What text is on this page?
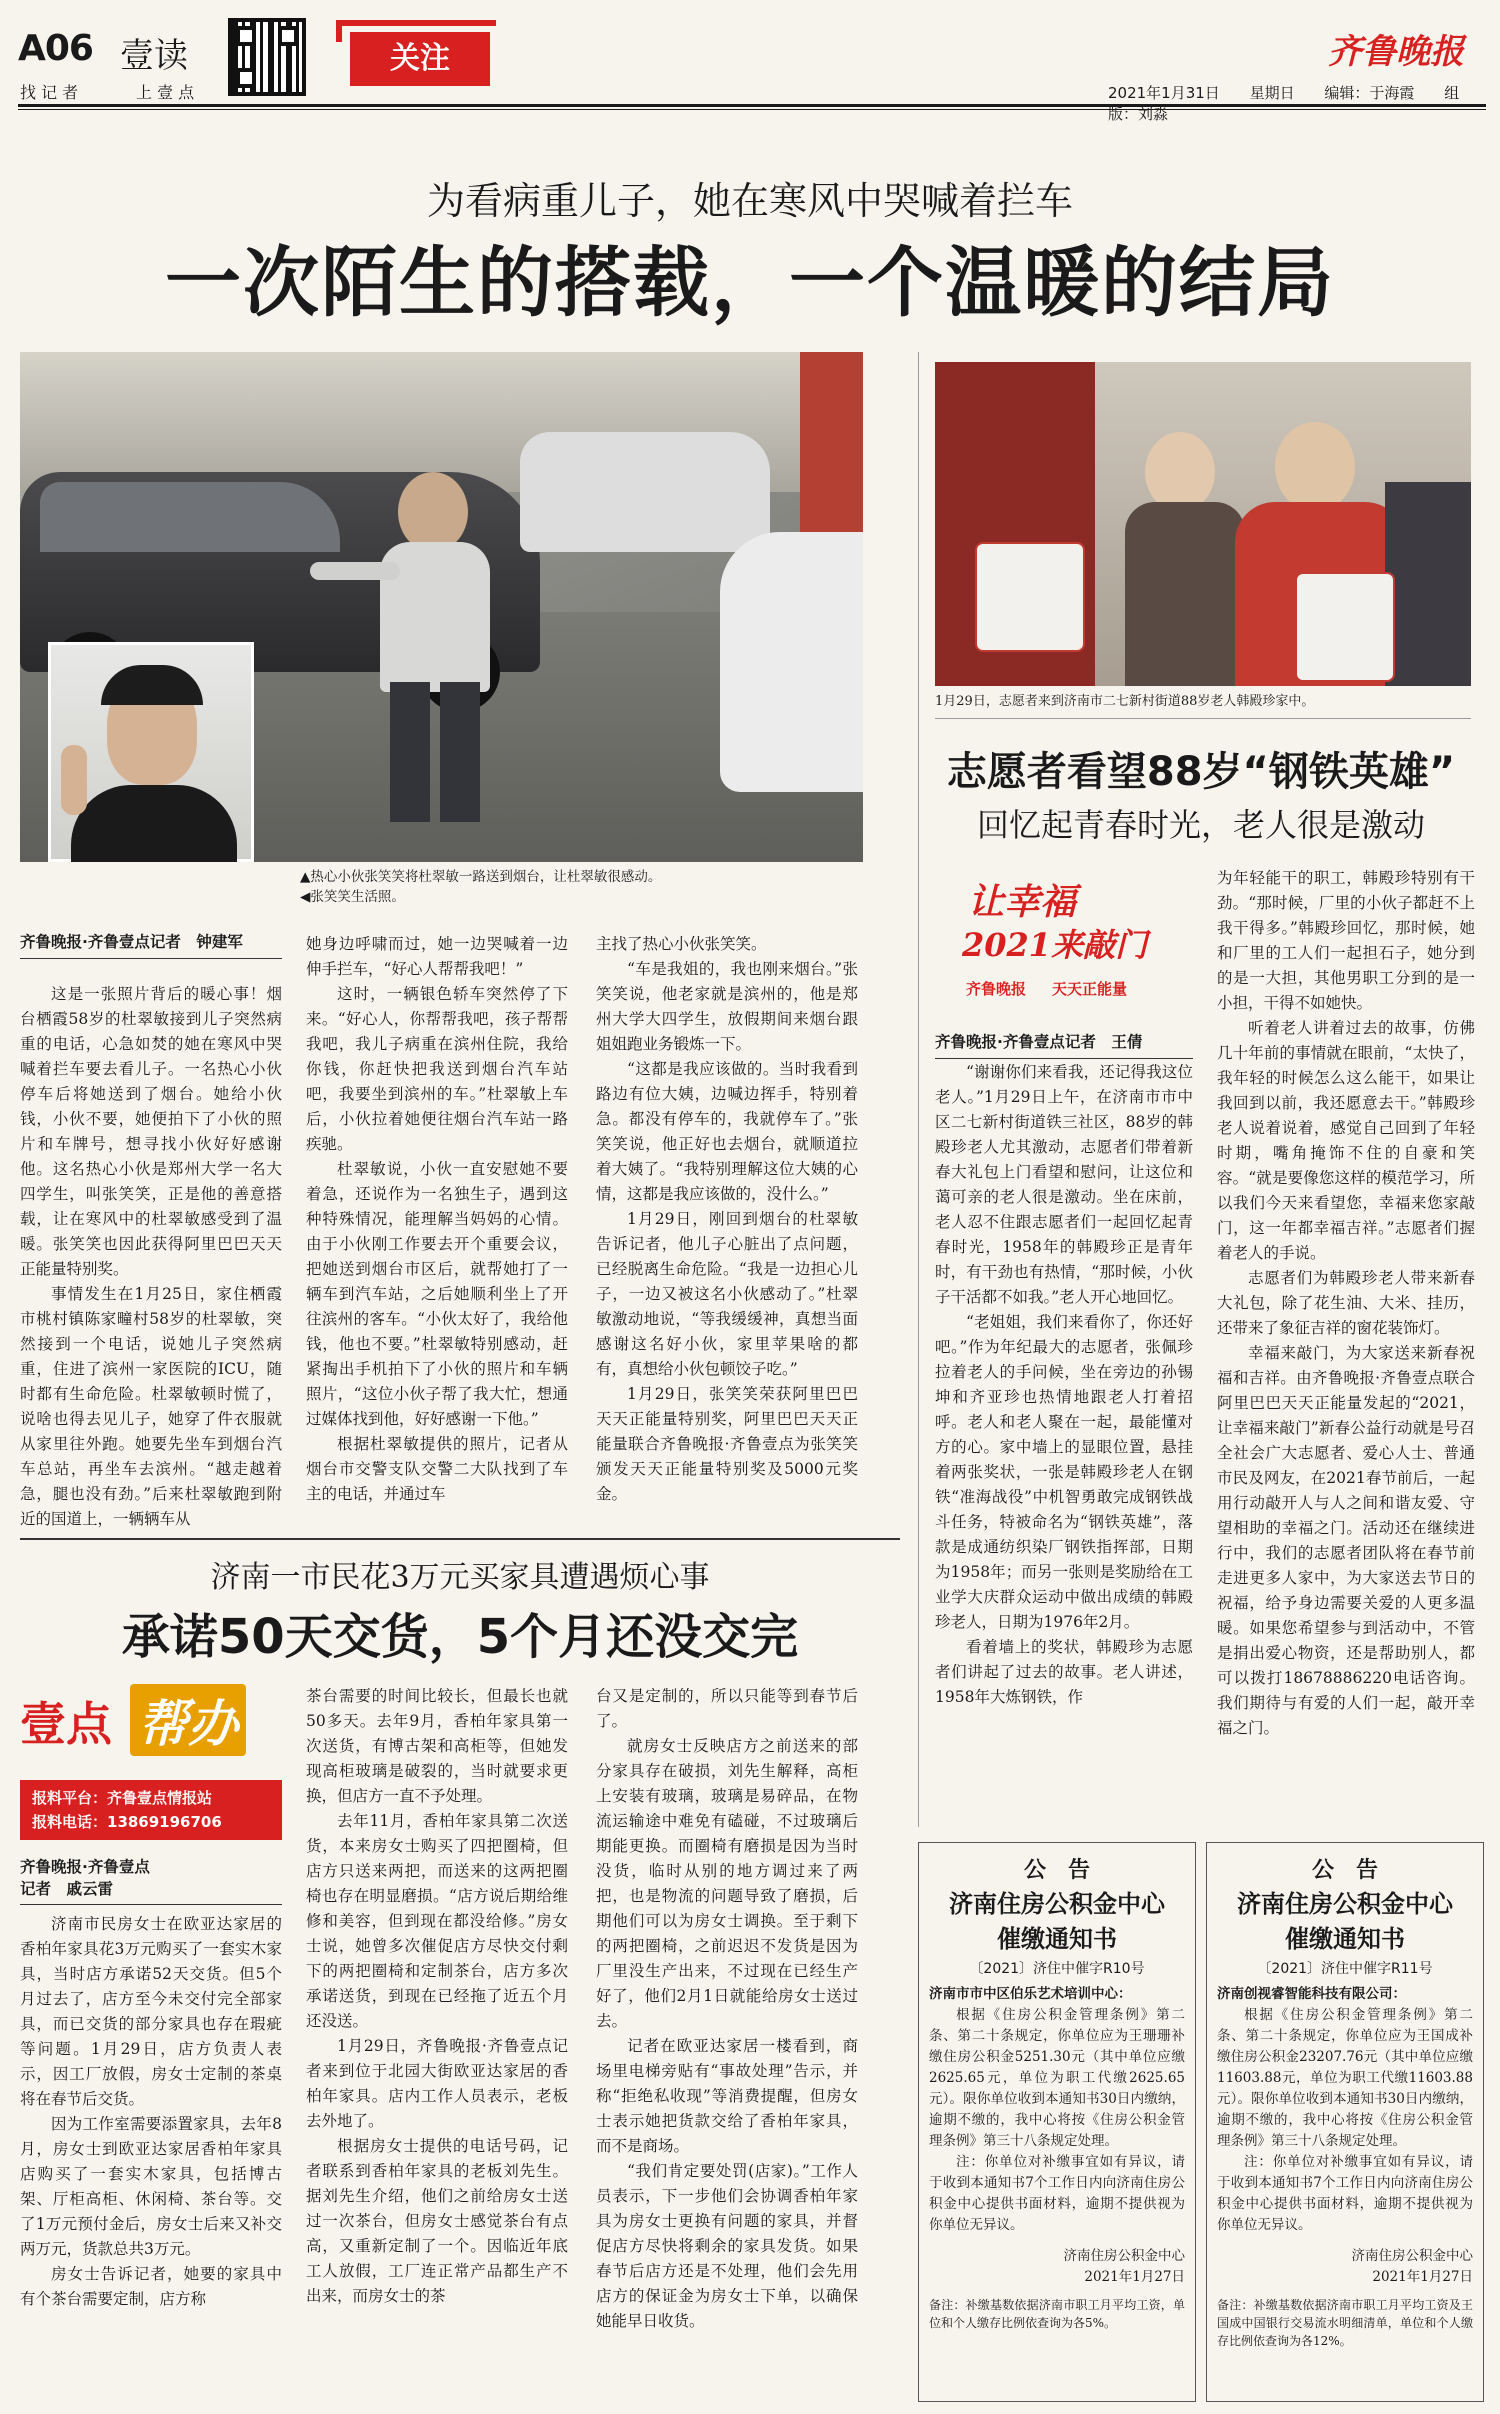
A06 壹读
找 记 者	上 壹 点
关注	齐鲁晚报
2021年1月31日　 星期日　 编辑：于海霞　 组版：刘淼
为看病重儿子，她在寒风中哭喊着拦车
一次陌生的搭载，一个温暖的结局
▲热心小伙张笑笑将杜翠敏一路送到烟台，让杜翠敏很感动。
◀张笑笑生活照。
齐鲁晚报·齐鲁壹点记者　钟建军

这是一张照片背后的暖心事！烟台栖霞58岁的杜翠敏接到儿子突然病重的电话，心急如焚的她在寒风中哭喊着拦车要去看儿子。一名热心小伙停车后将她送到了烟台。她给小伙钱，小伙不要，她便拍下了小伙的照片和车牌号，想寻找小伙好好感谢他。这名热心小伙是郑州大学一名大四学生，叫张笑笑，正是他的善意搭载，让在寒风中的杜翠敏感受到了温暖。张笑笑也因此获得阿里巴巴天天正能量特别奖。

事情发生在1月25日，家住栖霞市桃村镇陈家疃村58岁的杜翠敏，突然接到一个电话，说她儿子突然病重，住进了滨州一家医院的ICU，随时都有生命危险。杜翠敏顿时慌了，说啥也得去见儿子，她穿了件衣服就从家里往外跑。她要先坐车到烟台汽车总站，再坐车去滨州。“越走越着急，腿也没有劲。”后来杜翠敏跑到附近的国道上，一辆辆车从

她身边呼啸而过，她一边哭喊着一边伸手拦车，“好心人帮帮我吧！”

这时，一辆银色轿车突然停了下来。“好心人，你帮帮我吧，孩子帮帮我吧，我儿子病重在滨州住院，我给你钱，你赶快把我送到烟台汽车站吧，我要坐到滨州的车。”杜翠敏上车后，小伙拉着她便往烟台汽车站一路疾驰。

杜翠敏说，小伙一直安慰她不要着急，还说作为一名独生子，遇到这种特殊情况，能理解当妈妈的心情。由于小伙刚工作要去开个重要会议，把她送到烟台市区后，就帮她打了一辆车到汽车站，之后她顺利坐上了开往滨州的客车。“小伙太好了，我给他钱，他也不要。”杜翠敏特别感动，赶紧掏出手机拍下了小伙的照片和车辆照片，“这位小伙子帮了我大忙，想通过媒体找到他，好好感谢一下他。”

根据杜翠敏提供的照片，记者从烟台市交警支队交警二大队找到了车主的电话，并通过车

主找了热心小伙张笑笑。

“车是我姐的，我也刚来烟台。”张笑笑说，他老家就是滨州的，他是郑州大学大四学生，放假期间来烟台跟姐姐跑业务锻炼一下。

“这都是我应该做的。当时我看到路边有位大姨，边喊边挥手，特别着急。都没有停车的，我就停车了。”张笑笑说，他正好也去烟台，就顺道拉着大姨了。“我特别理解这位大姨的心情，这都是我应该做的，没什么。”

1月29日，刚回到烟台的杜翠敏告诉记者，他儿子心脏出了点问题，已经脱离生命危险。“我是一边担心儿子，一边又被这名小伙感动了。”杜翠敏激动地说，“等我缓缓神，真想当面感谢这名好小伙，家里苹果啥的都有，真想给小伙包顿饺子吃。”

1月29日，张笑笑荣获阿里巴巴天天正能量特别奖，阿里巴巴天天正能量联合齐鲁晚报·齐鲁壹点为张笑笑颁发天天正能量特别奖及5000元奖金。

1月29日，志愿者来到济南市二七新村街道88岁老人韩殿珍家中。
志愿者看望88岁“钢铁英雄”
回忆起青春时光，老人很是激动
让幸福
2021来敲门
齐鲁晚报 天天正能量
齐鲁晚报·齐鲁壹点记者　王倩

“谢谢你们来看我，还记得我这位老人。”1月29日上午，在济南市市中区二七新村街道铁三社区，88岁的韩殿珍老人尤其激动，志愿者们带着新春大礼包上门看望和慰问，让这位和蔼可亲的老人很是激动。坐在床前，老人忍不住跟志愿者们一起回忆起青春时光，1958年的韩殿珍正是青年时，有干劲也有热情，“那时候，小伙子干活都不如我。”老人开心地回忆。

“老姐姐，我们来看你了，你还好吧。”作为年纪最大的志愿者，张佩珍拉着老人的手问候，坐在旁边的孙锡坤和齐亚珍也热情地跟老人打着招呼。老人和老人聚在一起，最能懂对方的心。家中墙上的显眼位置，悬挂着两张奖状，一张是韩殿珍老人在钢铁“准海战役”中机智勇敢完成钢铁战斗任务，特被命名为“钢铁英雄”，落款是成通纺织染厂钢铁指挥部，日期为1958年；而另一张则是奖励给在工业学大庆群众运动中做出成绩的韩殿珍老人，日期为1976年2月。

看着墙上的奖状，韩殿珍为志愿者们讲起了过去的故事。老人讲述，1958年大炼钢铁，作

为年轻能干的职工，韩殿珍特别有干劲。“那时候，厂里的小伙子都赶不上我干得多。”韩殿珍回忆，那时候，她和厂里的工人们一起担石子，她分到的是一大担，其他男职工分到的是一小担，干得不如她快。

听着老人讲着过去的故事，仿佛几十年前的事情就在眼前，“太快了，我年轻的时候怎么这么能干，如果让我回到以前，我还愿意去干。”韩殿珍老人说着说着，感觉自己回到了年轻时期，嘴角掩饰不住的自豪和笑容。“就是要像您这样的模范学习，所以我们今天来看望您，幸福来您家敲门，这一年都幸福吉祥。”志愿者们握着老人的手说。

志愿者们为韩殿珍老人带来新春大礼包，除了花生油、大米、挂历，还带来了象征吉祥的窗花装饰灯。

幸福来敲门，为大家送来新春祝福和吉祥。由齐鲁晚报·齐鲁壹点联合阿里巴巴天天正能量发起的“2021，让幸福来敲门”新春公益行动就是号召全社会广大志愿者、爱心人士、普通市民及网友，在2021春节前后，一起用行动敲开人与人之间和谐友爱、守望相助的幸福之门。活动还在继续进行中，我们的志愿者团队将在春节前走进更多人家中，为大家送去节日的祝福，给予身边需要关爱的人更多温暖。如果您希望参与到活动中，不管是捐出爱心物资，还是帮助别人，都可以拨打18678886220电话咨询。我们期待与有爱的人们一起，敲开幸福之门。

济南一市民花3万元买家具遭遇烦心事
承诺50天交货，5个月还没交完
壹点 帮办
报料平台：齐鲁壹点情报站
报料电话：13869196706
齐鲁晚报·齐鲁壹点
记者　戚云雷

济南市民房女士在欧亚达家居的香柏年家具花3万元购买了一套实木家具，当时店方承诺52天交货。但5个月过去了，店方至今未交付完全部家具，而已交货的部分家具也存在瑕疵等问题。1月29日，店方负责人表示，因工厂放假，房女士定制的茶桌将在春节后交货。

因为工作室需要添置家具，去年8月，房女士到欧亚达家居香柏年家具店购买了一套实木家具，包括博古架、厅柜高柜、休闲椅、茶台等。交了1万元预付金后，房女士后来又补交两万元，货款总共3万元。

房女士告诉记者，她要的家具中有个茶台需要定制，店方称

茶台需要的时间比较长，但最长也就50多天。去年9月，香柏年家具第一次送货，有博古架和高柜等，但她发现高柜玻璃是破裂的，当时就要求更换，但店方一直不予处理。

去年11月，香柏年家具第二次送货，本来房女士购买了四把圈椅，但店方只送来两把，而送来的这两把圈椅也存在明显磨损。“店方说后期给维修和美容，但到现在都没给修。”房女士说，她曾多次催促店方尽快交付剩下的两把圈椅和定制茶台，店方多次承诺送货，到现在已经拖了近五个月还没送。

1月29日，齐鲁晚报·齐鲁壹点记者来到位于北园大街欧亚达家居的香柏年家具。店内工作人员表示，老板去外地了。

根据房女士提供的电话号码，记者联系到香柏年家具的老板刘先生。据刘先生介绍，他们之前给房女士送过一次茶台，但房女士感觉茶台有点高，又重新定制了一个。因临近年底工人放假，工厂连正常产品都生产不出来，而房女士的茶

台又是定制的，所以只能等到春节后了。

就房女士反映店方之前送来的部分家具存在破损，刘先生解释，高柜上安装有玻璃，玻璃是易碎品，在物流运输途中难免有磕碰，不过玻璃后期能更换。而圈椅有磨损是因为当时没货，临时从别的地方调过来了两把，也是物流的问题导致了磨损，后期他们可以为房女士调换。至于剩下的两把圈椅，之前迟迟不发货是因为厂里没生产出来，不过现在已经生产好了，他们2月1日就能给房女士送过去。

记者在欧亚达家居一楼看到，商场里电梯旁贴有“事故处理”告示，并称“拒绝私收现”等消费提醒，但房女士表示她把货款交给了香柏年家具，而不是商场。

“我们肯定要处罚(店家)。”工作人员表示，下一步他们会协调香柏年家具为房女士更换有问题的家具，并督促店方尽快将剩余的家具发货。如果春节后店方还是不处理，他们会先用店方的保证金为房女士下单，以确保她能早日收货。

公　告
济南住房公积金中心
催缴通知书
〔2021〕济住中催字R10号
济南市市中区伯乐艺术培训中心：

根据《住房公积金管理条例》第二条、第二十条规定，你单位应为王珊珊补缴住房公积金5251.30元（其中单位应缴2625.65元，单位为职工代缴2625.65元）。限你单位收到本通知书30日内缴纳，逾期不缴的，我中心将按《住房公积金管理条例》第三十八条规定处理。

注：你单位对补缴事宜如有异议，请于收到本通知书7个工作日内向济南住房公积金中心提供书面材料，逾期不提供视为你单位无异议。

济南住房公积金中心
2021年1月27日
备注：补缴基数依据济南市职工月平均工资，单位和个人缴存比例依查询为各5%。
公　告
济南住房公积金中心
催缴通知书
〔2021〕济住中催字R11号
济南创视睿智能科技有限公司：

根据《住房公积金管理条例》第二条、第二十条规定，你单位应为王国成补缴住房公积金23207.76元（其中单位应缴11603.88元，单位为职工代缴11603.88元）。限你单位收到本通知书30日内缴纳，逾期不缴的，我中心将按《住房公积金管理条例》第三十八条规定处理。

注：你单位对补缴事宜如有异议，请于收到本通知书7个工作日内向济南住房公积金中心提供书面材料，逾期不提供视为你单位无异议。

济南住房公积金中心
2021年1月27日
备注：补缴基数依据济南市职工月平均工资及王国成中国银行交易流水明细清单，单位和个人缴存比例依查询为各12%。
